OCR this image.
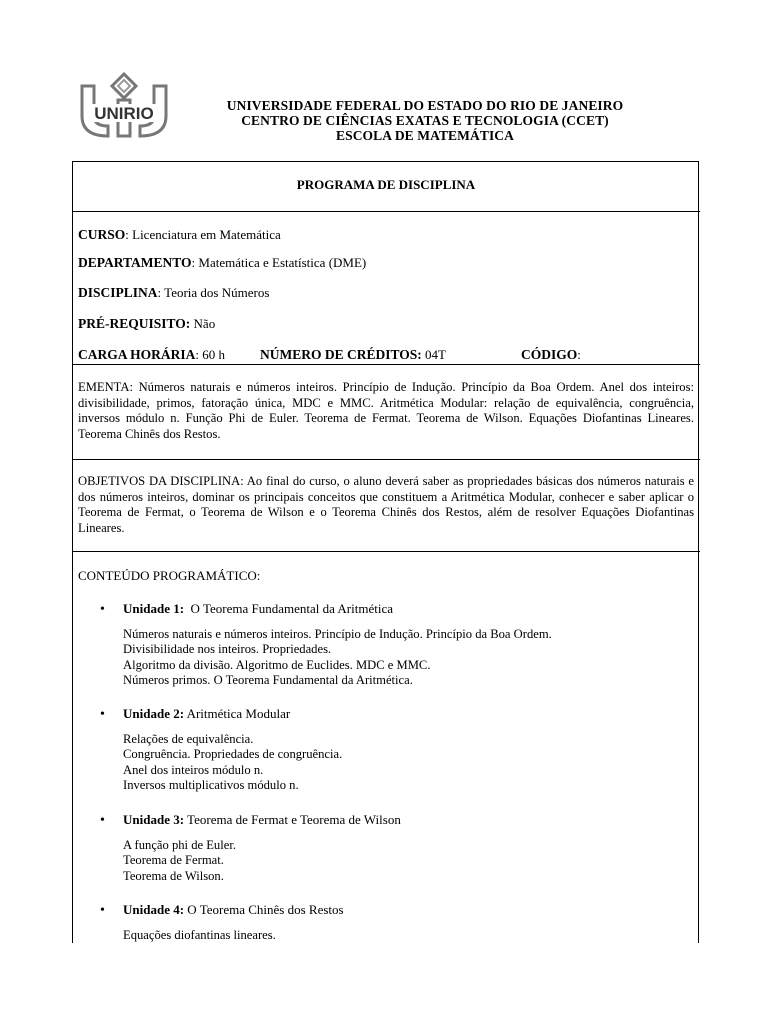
UNIRIO	UNIVERSIDADE FEDERAL DO ESTADO DO RIO DE JANEIRO
CENTRO DE CIÊNCIAS EXATAS E TECNOLOGIA (CCET)
ESCOLA DE MATEMÁTICA
PROGRAMA DE DISCIPLINA
CURSO: Licenciatura em Matemática
DEPARTAMENTO: Matemática e Estatística (DME)
DISCIPLINA: Teoria dos Números
PRÉ-REQUISITO: Não
CARGA HORÁRIA: 60 h	NÚMERO DE CRÉDITOS: 04T	CÓDIGO:
EMENTA: Números naturais e números inteiros. Princípio de Indução. Princípio da Boa Ordem. Anel dos inteiros: divisibilidade, primos, fatoração única, MDC e MMC. Aritmética Modular: relação de equivalência, congruência, inversos módulo n. Função Phi de Euler. Teorema de Fermat. Teorema de Wilson. Equações Diofantinas Lineares. Teorema Chinês dos Restos.
OBJETIVOS DA DISCIPLINA: Ao final do curso, o aluno deverá saber as propriedades básicas dos números naturais e dos números inteiros, dominar os principais conceitos que constituem a Aritmética Modular, conhecer e saber aplicar o Teorema de Fermat, o Teorema de Wilson e o Teorema Chinês dos Restos, além de resolver Equações Diofantinas Lineares.
CONTEÚDO PROGRAMÁTICO:
• Unidade 1:  O Teorema Fundamental da Aritmética
Números naturais e números inteiros. Princípio de Indução. Princípio da Boa Ordem.
Divisibilidade nos inteiros. Propriedades.
Algoritmo da divisão. Algoritmo de Euclides. MDC e MMC.
Números primos. O Teorema Fundamental da Aritmética.
• Unidade 2: Aritmética Modular
Relações de equivalência.
Congruência. Propriedades de congruência.
Anel dos inteiros módulo n.
Inversos multiplicativos módulo n.
• Unidade 3: Teorema de Fermat e Teorema de Wilson
A função phi de Euler.
Teorema de Fermat.
Teorema de Wilson.
• Unidade 4: O Teorema Chinês dos Restos
Equações diofantinas lineares.
